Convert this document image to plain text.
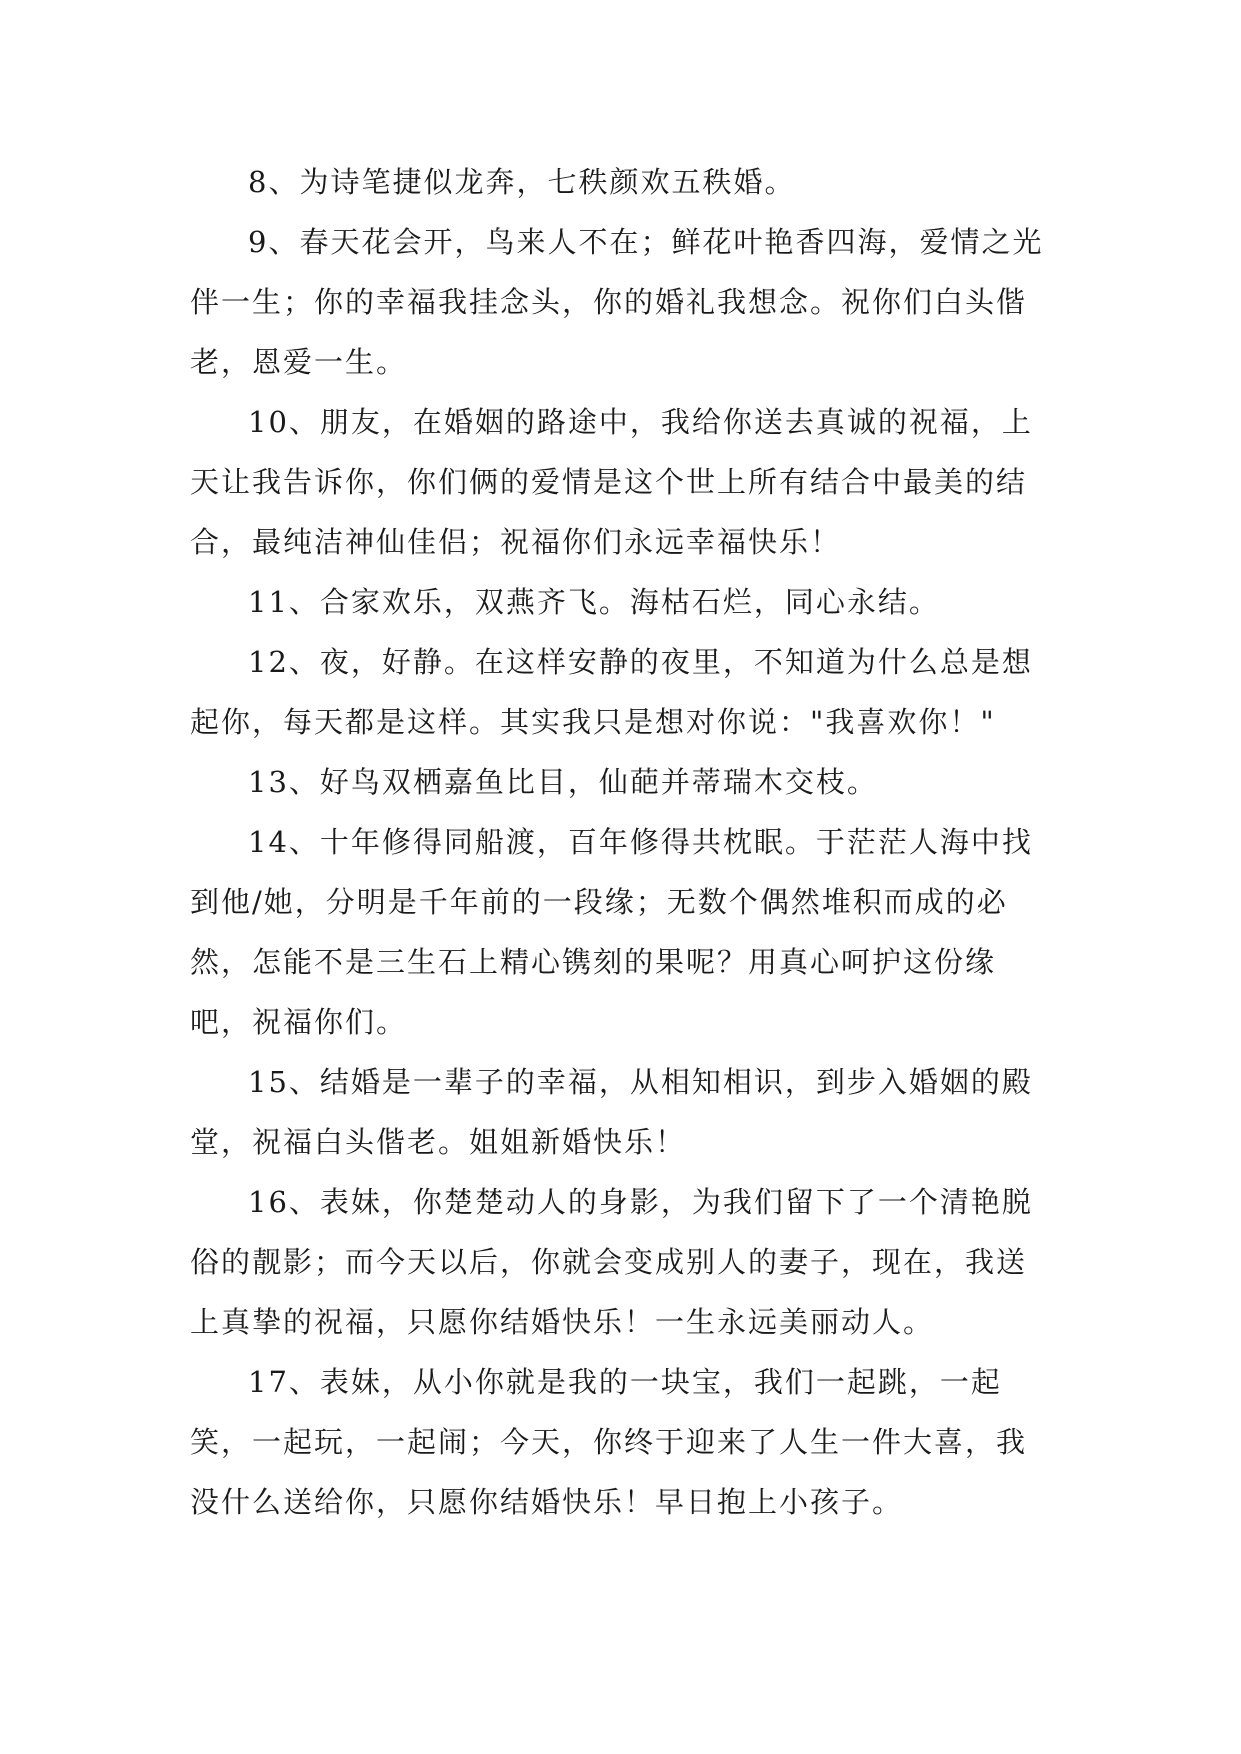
8、为诗笔捷似龙奔，七秩颜欢五秩婚。

9、春天花会开，鸟来人不在；鲜花叶艳香四海，爱情之光伴一生；你的幸福我挂念头，你的婚礼我想念。祝你们白头偕老，恩爱一生。

10、朋友，在婚姻的路途中，我给你送去真诚的祝福，上天让我告诉你，你们俩的爱情是这个世上所有结合中最美的结合，最纯洁神仙佳侣；祝福你们永远幸福快乐！

11、合家欢乐，双燕齐飞。海枯石烂，同心永结。

12、夜，好静。在这样安静的夜里，不知道为什么总是想起你，每天都是这样。其实我只是想对你说："我喜欢你！"

13、好鸟双栖嘉鱼比目，仙葩并蒂瑞木交枝。

14、十年修得同船渡，百年修得共枕眠。于茫茫人海中找到他/她，分明是千年前的一段缘；无数个偶然堆积而成的必然，怎能不是三生石上精心镌刻的果呢？用真心呵护这份缘吧，祝福你们。

15、结婚是一辈子的幸福，从相知相识，到步入婚姻的殿堂，祝福白头偕老。姐姐新婚快乐！

16、表妹，你楚楚动人的身影，为我们留下了一个清艳脱俗的靓影；而今天以后，你就会变成别人的妻子，现在，我送上真挚的祝福，只愿你结婚快乐！一生永远美丽动人。

17、表妹，从小你就是我的一块宝，我们一起跳，一起笑，一起玩，一起闹；今天，你终于迎来了人生一件大喜，我没什么送给你，只愿你结婚快乐！早日抱上小孩子。
